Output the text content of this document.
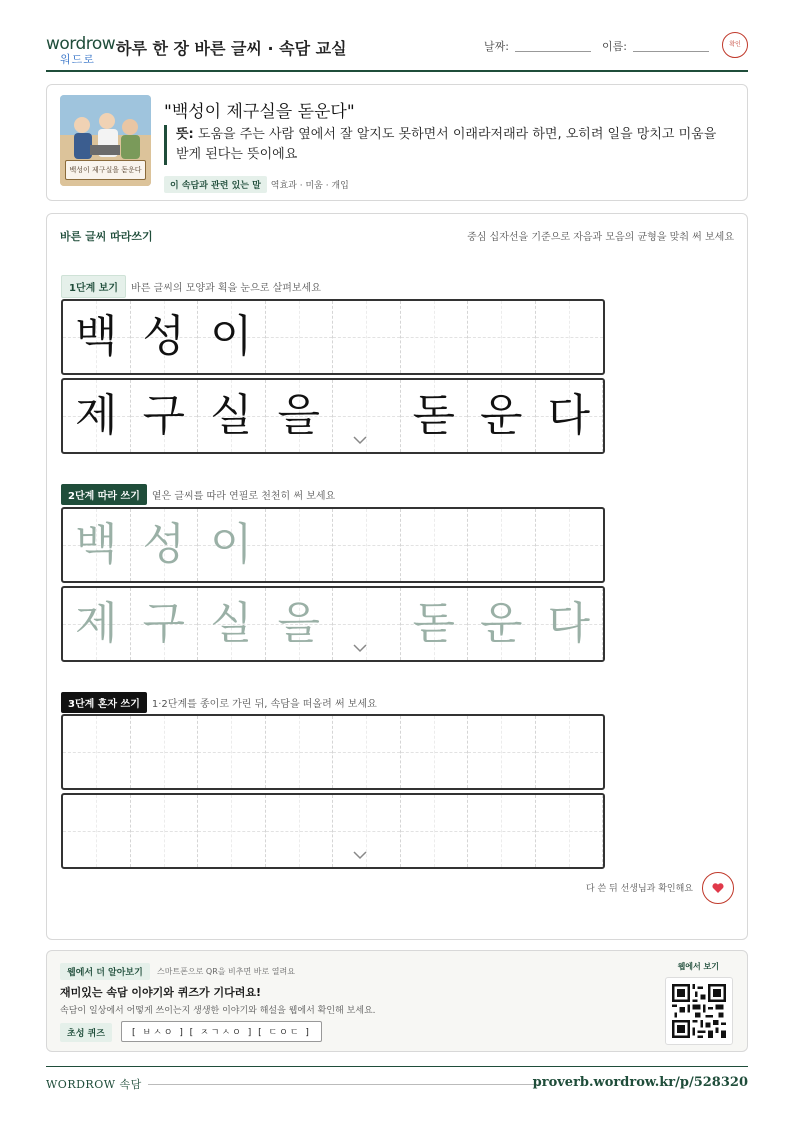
wordrow
워드로
하루 한 장 바른 글씨 · 속담 교실	날짜:	이름:	확인
백성이 제구실을 돋운다
"백성이 제구실을 돋운다"
뜻: 도움을 주는 사람 옆에서 잘 알지도 못하면서 이래라저래라 하면, 오히려 일을 망치고 미움을 받게 된다는 뜻이에요
이 속담과 관련 있는 말 역효과 · 미움 · 개입
바른 글씨 따라쓰기	중심 십자선을 기준으로 자음과 모음의 균형을 맞춰 써 보세요
1단계 보기 바른 글씨의 모양과 획을 눈으로 살펴보세요
백 성 이
제 구 실 을 돋 운 다
2단계 따라 쓰기 옅은 글씨를 따라 연필로 천천히 써 보세요
백 성 이
제 구 실 을 돋 운 다
3단계 혼자 쓰기 1·2단계를 종이로 가린 뒤, 속담을 떠올려 써 보세요
다 쓴 뒤 선생님과 확인해요
웹에서 더 알아보기	스마트폰으로 QR을 비추면 바로 열려요
재미있는 속담 이야기와 퀴즈가 기다려요!
속담이 일상에서 어떻게 쓰이는지 생생한 이야기와 해설을 웹에서 확인해 보세요.
초성 퀴즈	[ ㅂㅅㅇ ] [ ㅈㄱㅅㅇ ] [ ㄷㅇㄷ ]
웹에서 보기
WORDROW 속담	proverb.wordrow.kr/p/528320
